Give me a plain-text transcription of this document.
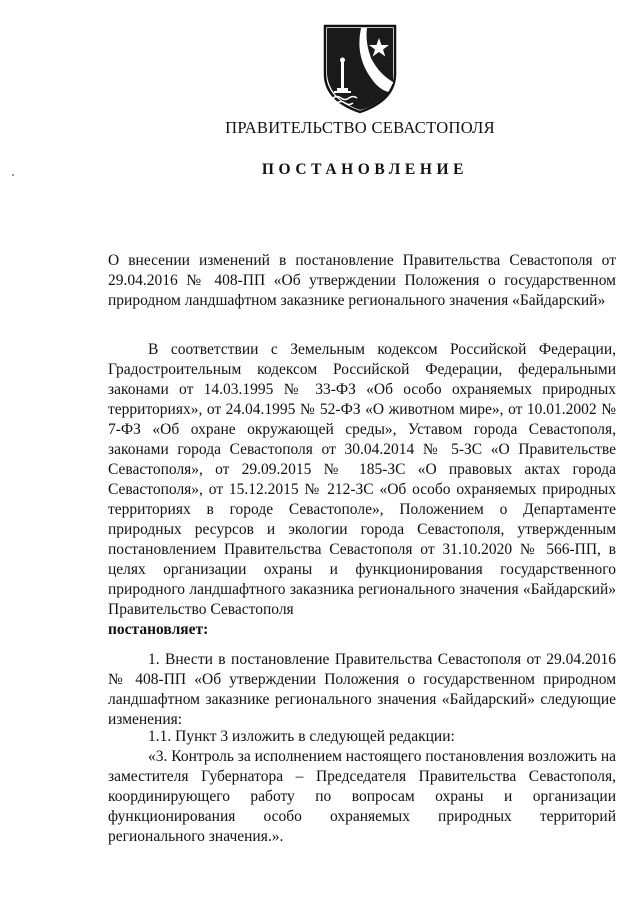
ПРАВИТЕЛЬСТВО СЕВАСТОПОЛЯ
ПОСТАНОВЛЕНИЕ

О внесении изменений в постановление Правительства Севастополя от 29.04.2016 № 408-ПП «Об утверждении Положения о государственном природном ландшафтном заказнике регионального значения «Байдарский»

В соответствии с Земельным кодексом Российской Федерации, Градостроительным кодексом Российской Федерации, федеральными законами от 14.03.1995 № 33-ФЗ «Об особо охраняемых природных территориях», от 24.04.1995 № 52-ФЗ «О животном мире», от 10.01.2002 № 7-ФЗ «Об охране окружающей среды», Уставом города Севастополя, законами города Севастополя от 30.04.2014 № 5-ЗС «О Правительстве Севастополя», от 29.09.2015 № 185-ЗС «О правовых актах города Севастополя», от 15.12.2015 № 212-ЗС «Об особо охраняемых природных территориях в городе Севастополе», Положением о Департаменте природных ресурсов и экологии города Севастополя, утвержденным постановлением Правительства Севастополя от 31.10.2020 № 566-ПП, в целях организации охраны и функционирования государственного природного ландшафтного заказника регионального значения «Байдарский» Правительство Севастополя
постановляет:

1. Внести в постановление Правительства Севастополя от 29.04.2016 № 408-ПП «Об утверждении Положения о государственном природном ландшафтном заказнике регионального значения «Байдарский» следующие изменения:

1.1. Пункт 3 изложить в следующей редакции:

«3. Контроль за исполнением настоящего постановления возложить на заместителя Губернатора – Председателя Правительства Севастополя, координирующего работу по вопросам охраны и организации функционирования особо охраняемых природных территорий регионального значения.».
